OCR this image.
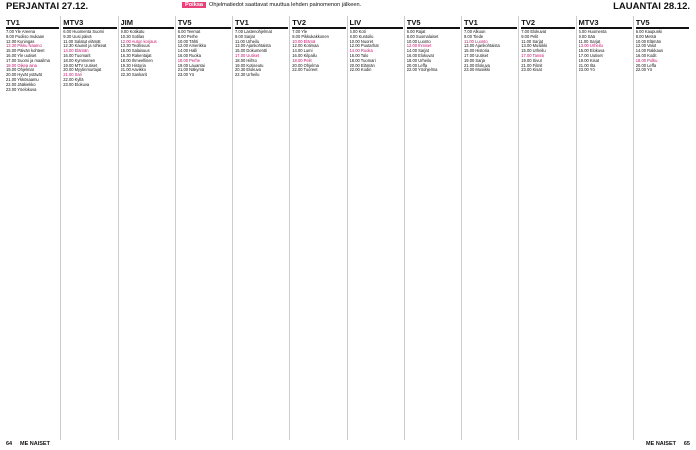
PERJANTAI 27.12.	Poiksa Ohjelmatiedot saattavat muuttua lehden painomenon jälkeen.	LAUANTAI 28.12.
TV1
7.00 Yle Areena
9.00 Puoliso mukaan
12.00 Kuningas
13.30 Pikku Naamo
15.00 Päivän kohteet
16.00 Yle uutiset
17.00 Suomi ja maailma
18.00 Oikea aina
19.00 Ohjelmat
20.00 Hyvät ystävät
21.00 Ykkösaamu
22.00 Jääkiekko
23.00 Yöelokuva
MTV3
6.00 Huomenta Suomi
9.30 Uusi päivä
11.00 Salatut elämät
12.30 Kauniit ja rohkeat
14.00 Elämän
16.00 Tuomarit
18.00 Kymmenen
19.00 MTV Uutiset
20.00 Myytinmurtajat
21.00 Sari
22.00 Kyllä
23.00 Elokuva
JIM
9.00 Kotikatu
10.30 Sotilas
12.00 Auton korjaus
13.30 Teollisuus
15.00 Salaisuus
16.30 Rakentajat
18.00 Ihmeellinen
19.30 Historia
21.00 Aavikko
22.30 Sankarit
TV5
6.00 Teemat
8.00 Perhe
10.00 Tähti
12.00 Amerikka
14.00 Halli
16.00 Ruoka
18.00 Perhe
19.00 Lauantai
21.00 Näkymä
23.00 Yö
TV1
7.00 Lastenohjelmat
9.00 Sarjat
11.00 Urheilu
13.00 Ajankohtaista
15.00 Dokumentti
17.00 Uutiset
18.00 Hiihto
19.00 Kotiseutu
20.30 Elokuva
22.30 Urheilu
TV2
7.00 Yle
8.00 Pikkukakkonen
10.00 Elämä
12.00 Kotimaa
14.00 Lumi
16.00 Kilpailu
18.00 Pelit
20.00 Ohjelma
22.00 Tuoreet
LIV
6.00 Koti
8.00 Kuntoilu
10.00 Nuoret
12.00 Puutarhat
14.00 Ruoka
16.00 Talo
18.00 Tuomari
20.00 Elämän
22.00 Kodin
TV5
6.00 Rajat
8.00 Suomalaiset
10.00 Luonto
12.00 Ihmiset
14.00 Sarjat
16.00 Elokuvat
18.00 Urheilu
20.00 Leffa
22.00 Yöohjelma
TV1
7.00 Alkuun
9.00 Tiede
11.00 Luonto
13.00 Ajankohtaista
15.00 Historia
17.00 Uutiset
19.00 Sarja
21.00 Elokuva
23.00 Musiikki
TV2
7.00 Elokuvat
9.00 Pelit
11.00 Sarjat
13.00 Musiikki
15.00 Urheilu
17.00 Tanssi
19.00 Sivut
21.00 Filmit
23.00 Kisat
MTV3
6.00 Huomenta
9.00 Sää
11.00 Sarjat
13.00 Urheilu
15.00 Elokuva
17.00 Uutiset
19.00 Kisat
21.00 Ilta
23.00 Yö
TV5
6.00 Kaupunki
8.00 Metsä
10.00 Elämän
12.00 Valot
14.00 Rakkaus
16.00 Kodit
18.00 Polku
20.00 Leffa
22.00 Yö
64 ME NAISET	ME NAISET 65
